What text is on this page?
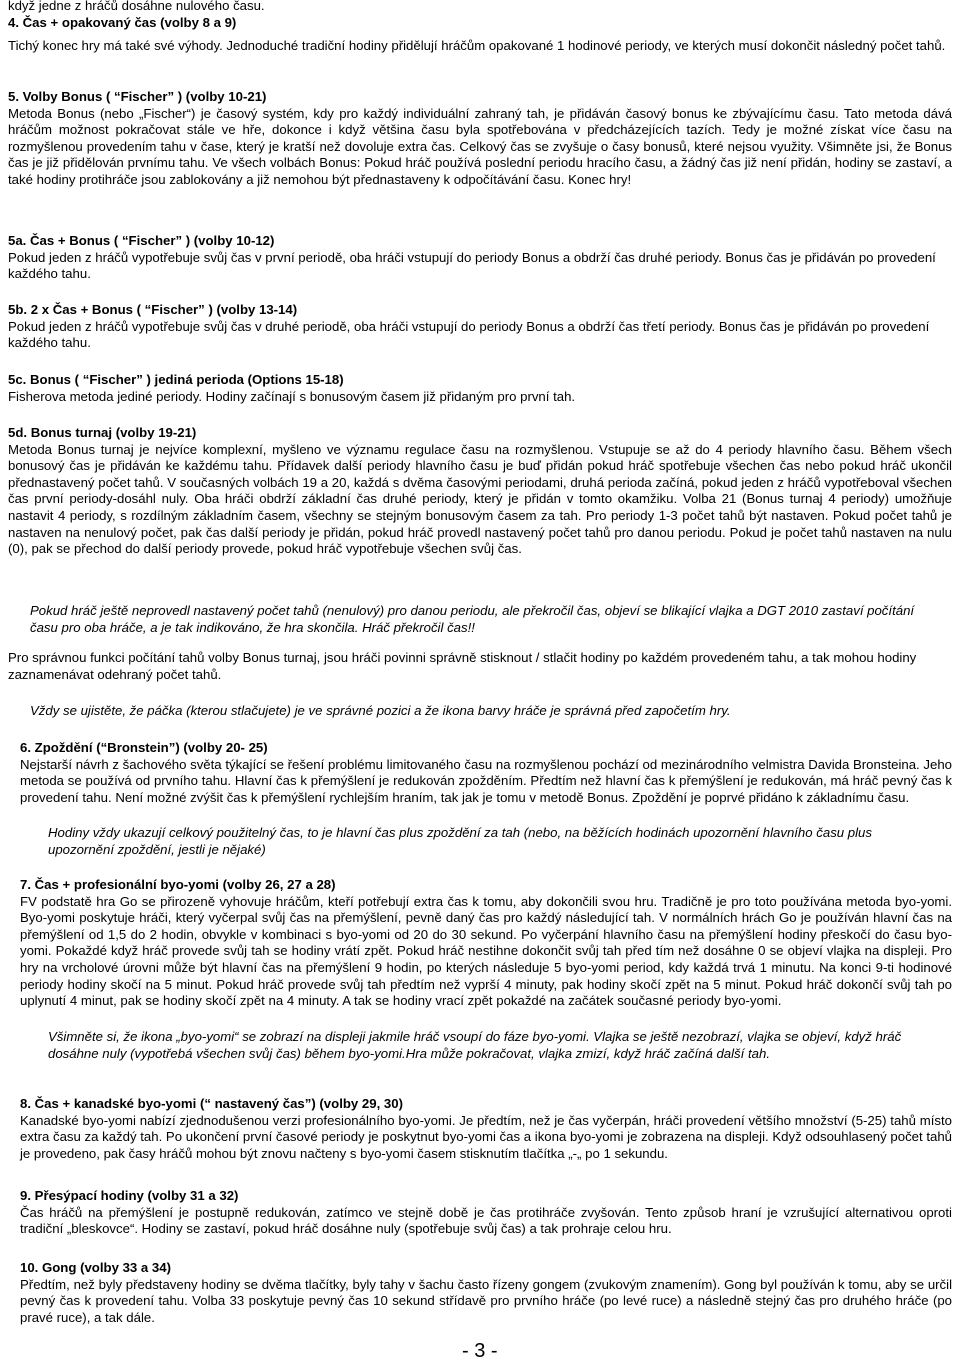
když jedne z hráčů dosáhne nulového času.

4. Čas + opakovaný čas (volby 8 a 9)

Tichý konec hry má také své výhody. Jednoduché tradiční hodiny přidělují hráčům opakované 1 hodinové periody, ve kterých musí dokončit následný počet tahů.

5. Volby Bonus ( “Fischer” ) (volby 10-21)
Metoda Bonus (nebo „Fischer“) je časový systém, kdy pro každý individuální zahraný tah, je přidáván časový bonus ke zbývajícímu času. Tato metoda dává hráčům možnost pokračovat stále ve hře, dokonce i když většina času byla spotřebována v předcházejících tazích. Tedy je možné získat více času na rozmyšlenou provedením tahu v čase, který je kratší než dovoluje extra čas. Celkový čas se zvyšuje o časy bonusů, které nejsou využity. Všimněte jsi, že Bonus čas je již přidělován prvnímu tahu. Ve všech volbách Bonus: Pokud hráč používá poslední periodu hracího času, a žádný čas již není přidán, hodiny se zastaví, a také hodiny protihráče jsou zablokovány a již nemohou být přednastaveny k odpočítávání času. Konec hry!
5a. Čas + Bonus ( “Fischer” ) (volby 10-12)
Pokud jeden z hráčů vypotřebuje svůj čas v první periodě, oba hráči vstupují do periody Bonus a obdrží čas druhé periody. Bonus čas je přidáván po provedení každého tahu.
5b. 2 x Čas + Bonus ( “Fischer” ) (volby 13-14)
Pokud jeden z hráčů vypotřebuje svůj čas v druhé periodě, oba hráči vstupují do periody Bonus a obdrží čas třetí periody. Bonus čas je přidáván po provedení každého tahu.
5c. Bonus ( “Fischer” ) jediná perioda (Options 15-18)
Fisherova metoda jediné periody. Hodiny začínají s bonusovým časem již přidaným pro první tah.
5d. Bonus turnaj (volby 19-21)
Metoda Bonus turnaj je nejvíce komplexní, myšleno ve významu regulace času na rozmyšlenou. Vstupuje se až do 4 periody hlavního času. Během všech bonusový čas je přidáván ke každému tahu. Přídavek další periody hlavního času je buď přidán pokud hráč spotřebuje všechen čas nebo pokud hráč ukončil přednastavený počet tahů. V současných volbách 19 a 20, každá s dvěma časovými periodami, druhá perioda začíná, pokud jeden z hráčů vypotřeboval všechen čas první periody-dosáhl nuly. Oba hráči obdrží základní čas druhé periody, který je přidán v tomto okamžiku. Volba 21 (Bonus turnaj 4 periody) umožňuje nastavit 4 periody, s rozdílným základním časem, všechny se stejným bonusovým časem za tah. Pro periody 1-3 počet tahů být nastaven. Pokud počet tahů je nastaven na nenulový počet, pak čas další periody je přidán, pokud hráč provedl nastavený počet tahů pro danou periodu. Pokud je počet tahů nastaven na nulu (0), pak se přechod do další periody provede, pokud hráč vypotřebuje všechen svůj čas.

Pokud hráč ještě neprovedl nastavený počet tahů (nenulový) pro danou periodu, ale překročil čas, objeví se blikající vlajka a DGT 2010 zastaví počítání času pro oba hráče, a je tak indikováno, že hra skončila. Hráč překročil čas!!

Pro správnou funkci počítání tahů volby Bonus turnaj, jsou hráči povinni správně stisknout / stlačit hodiny po každém provedeném tahu, a tak mohou hodiny zaznamenávat odehraný počet tahů.

Vždy se ujistěte, že páčka (kterou stlačujete) je ve správné pozici a že ikona barvy hráče je správná před započetím hry.

6. Zpoždění (“Bronstein”) (volby 20- 25)
Nejstarší návrh z šachového světa týkající se řešení problému limitovaného času na rozmyšlenou pochází od mezinárodního velmistra Davida Bronsteina. Jeho metoda se používá od prvního tahu. Hlavní čas k přemýšlení je redukován zpožděním. Předtím než hlavní čas k přemýšlení je redukován, má hráč pevný čas k provedení tahu. Není možné zvýšit čas k přemýšlení rychlejším hraním, tak jak je tomu v metodě Bonus. Zpoždění je poprvé přidáno k základnímu času.

Hodiny vždy ukazují celkový použitelný čas, to je hlavní čas plus zpoždění za tah (nebo, na běžících hodinách upozornění hlavního času plus upozornění zpoždění, jestli je nějaké)

7. Čas + profesionální byo-yomi (volby 26, 27 a 28)
FV podstatě hra Go se přirozeně vyhovuje hráčům, kteří potřebují extra čas k tomu, aby dokončili svou hru. Tradičně je pro toto používána metoda byo-yomi. Byo-yomi poskytuje hráči, který vyčerpal svůj čas na přemýšlení, pevně daný čas pro každý následující tah. V normálních hrách Go je používán hlavní čas na přemýšlení od 1,5 do 2 hodin, obvykle v kombinaci s byo-yomi od 20 do 30 sekund. Po vyčerpání hlavního času na přemýšlení hodiny přeskočí do času byo-yomi. Pokaždé když hráč provede svůj tah se hodiny vrátí zpět. Pokud hráč nestihne dokončit svůj tah před tím než dosáhne 0 se objeví vlajka na displeji. Pro hry na vrcholové úrovni může být hlavní čas na přemýšlení 9 hodin, po kterých následuje 5 byo-yomi period, kdy každá trvá 1 minutu. Na konci 9-ti hodinové periody hodiny skočí na 5 minut. Pokud hráč provede svůj tah předtím než vyprší 4 minuty, pak hodiny skočí zpět na 5 minut. Pokud hráč dokončí svůj tah po uplynutí 4 minut, pak se hodiny skočí zpět na 4 minuty. A tak se hodiny vrací zpět pokaždé na začátek současné periody byo-yomi.

Všimněte si, že ikona „byo-yomi“ se zobrazí na displeji jakmile hráč vsoupí do fáze byo-yomi. Vlajka se ještě nezobrazí, vlajka se objeví, když hráč dosáhne nuly (vypotřebá všechen svůj čas) během byo-yomi.Hra může pokračovat, vlajka zmizí, když hráč začíná další tah.

8. Čas + kanadské byo-yomi (“ nastavený čas”) (volby 29, 30)
Kanadské byo-yomi nabízí zjednodušenou verzi profesionálního byo-yomi. Je předtím, než je čas vyčerpán, hráči provedení většího množství (5-25) tahů místo extra času za každý tah. Po ukončení první časové periody je poskytnut byo-yomi čas a ikona byo-yomi je zobrazena na displeji. Když odsouhlasený počet tahů je provedeno, pak časy hráčů mohou být znovu načteny s byo-yomi časem stisknutím tlačítka „-„ po 1 sekundu.
9. Přesýpací hodiny (volby 31 a 32)
Čas hráčů na přemýšlení je postupně redukován, zatímco ve stejně době je čas protihráče zvyšován. Tento způsob hraní je vzrušující alternativou oproti tradiční „bleskovce“. Hodiny se zastaví, pokud hráč dosáhne nuly (spotřebuje svůj čas) a tak prohraje celou hru.
10. Gong (volby 33 a 34)
Předtím, než byly představeny hodiny se dvěma tlačítky, byly tahy v šachu často řízeny gongem (zvukovým znamením). Gong byl používán k tomu, aby se určil pevný čas k provedení tahu. Volba 33 poskytuje pevný čas 10 sekund střídavě pro prvního hráče (po levé ruce) a následně stejný čas pro druhého hráče (po pravé ruce), a tak dále.
- 3 -
